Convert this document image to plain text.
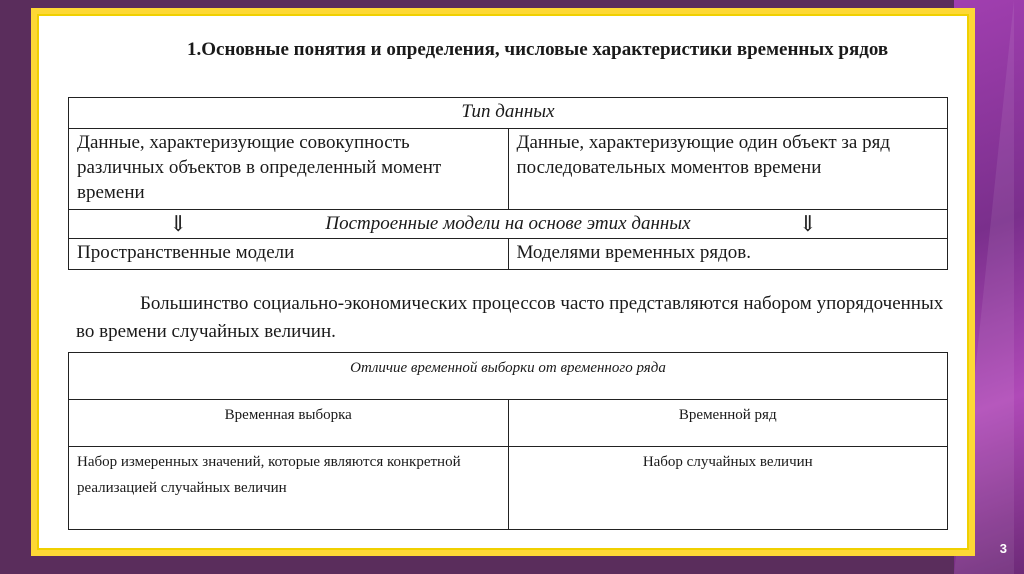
1.Основные понятия и определения, числовые характеристики временных рядов
Тип данных	
Данные, характеризующие совокупность различных объектов в определенный момент времени	Данные, характеризующие один объект за ряд последовательных моментов времени

⇓ Построенные модели на основе этих данных ⇓	

Пространственные модели	Моделями временных рядов.

Большинство социально-экономических процессов часто представляются набором упорядоченных во времени случайных величин.

Отличие временной выборки от временного ряда	
Временная выборка	Временной ряд
Набор измеренных значений, которые являются конкретной реализацией случайных величин	Набор случайных величин
3
